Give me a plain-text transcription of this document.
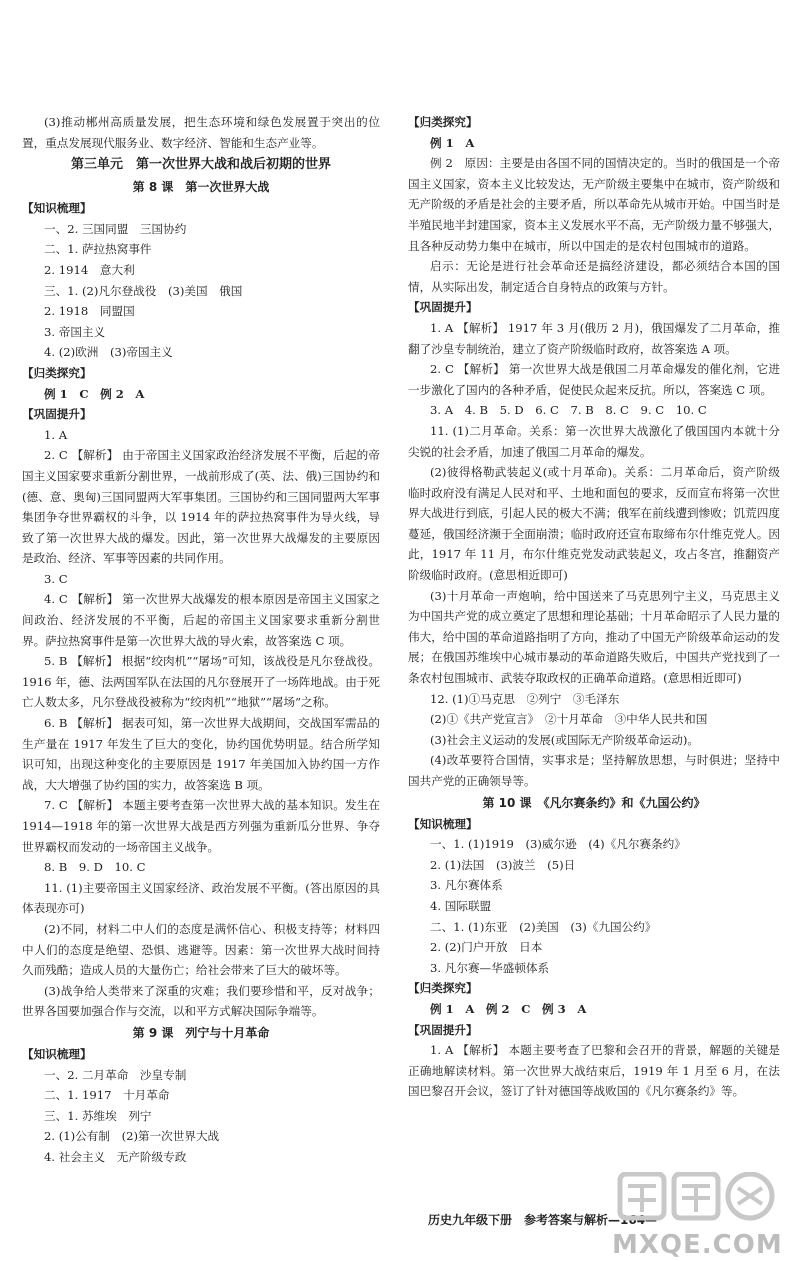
(3)推动郴州高质量发展，把生态环境和绿色发展置于突出的位置，重点发展现代服务业、数字经济、智能和生态产业等。
第三单元　第一次世界大战和战后初期的世界
第 8 课　第一次世界大战
【知识梳理】
一、2. 三国同盟　三国协约
二、1. 萨拉热窝事件
2. 1914　意大利
三、1. (2)凡尔登战役　(3)美国　俄国
2. 1918　同盟国
3. 帝国主义
4. (2)欧洲　(3)帝国主义
【归类探究】
例 1　C　例 2　A
【巩固提升】
1. A
2. C 【解析】 由于帝国主义国家政治经济发展不平衡，后起的帝国主义国家要求重新分割世界，一战前形成了(英、法、俄)三国协约和(德、意、奥匈)三国同盟两大军事集团。三国协约和三国同盟两大军事集团争夺世界霸权的斗争，以 1914 年的萨拉热窝事件为导火线，导致了第一次世界大战的爆发。因此，第一次世界大战爆发的主要原因是政治、经济、军事等因素的共同作用。
3. C
4. C 【解析】 第一次世界大战爆发的根本原因是帝国主义国家之间政治、经济发展的不平衡，后起的帝国主义国家要求重新分割世界。萨拉热窝事件是第一次世界大战的导火索，故答案选 C 项。
5. B 【解析】 根据“绞肉机”“屠场”可知，该战役是凡尔登战役。1916 年，德、法两国军队在法国的凡尔登展开了一场阵地战。由于死亡人数太多，凡尔登战役被称为“绞肉机”“地狱”“屠场”之称。
6. B 【解析】 据表可知，第一次世界大战期间，交战国军需品的生产量在 1917 年发生了巨大的变化，协约国优势明显。结合所学知识可知，出现这种变化的主要原因是 1917 年美国加入协约国一方作战，大大增强了协约国的实力，故答案选 B 项。
7. C 【解析】 本题主要考查第一次世界大战的基本知识。发生在 1914—1918 年的第一次世界大战是西方列强为重新瓜分世界、争夺世界霸权而发动的一场帝国主义战争。
8. B　9. D　10. C
11. (1)主要帝国主义国家经济、政治发展不平衡。(答出原因的具体表现亦可)
(2)不同，材料二中人们的态度是满怀信心、积极支持等；材料四中人们的态度是绝望、恐惧、逃避等。因素：第一次世界大战时间持久而残酷；造成人员的大量伤亡；给社会带来了巨大的破坏等。
(3)战争给人类带来了深重的灾难；我们要珍惜和平，反对战争；世界各国要加强合作与交流，以和平方式解决国际争端等。
第 9 课　列宁与十月革命
【知识梳理】
一、2. 二月革命　沙皇专制
二、1. 1917　十月革命
三、1. 苏维埃　列宁
2. (1)公有制　(2)第一次世界大战
4. 社会主义　无产阶级专政
【归类探究】
例 1　A
例 2　原因：主要是由各国不同的国情决定的。当时的俄国是一个帝国主义国家，资本主义比较发达，无产阶级主要集中在城市，资产阶级和无产阶级的矛盾是社会的主要矛盾，所以革命先从城市开始。中国当时是半殖民地半封建国家，资本主义发展水平不高，无产阶级力量不够强大，且各种反动势力集中在城市，所以中国走的是农村包围城市的道路。
启示：无论是进行社会革命还是搞经济建设，都必须结合本国的国情，从实际出发，制定适合自身特点的政策与方针。
【巩固提升】
1. A 【解析】 1917 年 3 月(俄历 2 月)，俄国爆发了二月革命，推翻了沙皇专制统治，建立了资产阶级临时政府，故答案选 A 项。
2. C 【解析】 第一次世界大战是俄国二月革命爆发的催化剂，它进一步激化了国内的各种矛盾，促使民众起来反抗。所以，答案选 C 项。
3. A　4. B　5. D　6. C　7. B　8. C　9. C　10. C
11. (1)二月革命。关系：第一次世界大战激化了俄国国内本就十分尖锐的社会矛盾，加速了俄国二月革命的爆发。
(2)彼得格勒武装起义(或十月革命)。关系：二月革命后，资产阶级临时政府没有满足人民对和平、土地和面包的要求，反而宣布将第一次世界大战进行到底，引起人民的极大不满；俄军在前线遭到惨败；饥荒四度蔓延，俄国经济濒于全面崩溃；临时政府还宣布取缔布尔什维克党人。因此，1917 年 11 月，布尔什维克党发动武装起义，攻占冬宫，推翻资产阶级临时政府。(意思相近即可)
(3)十月革命一声炮响，给中国送来了马克思列宁主义，马克思主义为中国共产党的成立奠定了思想和理论基础；十月革命昭示了人民力量的伟大，给中国的革命道路指明了方向，推动了中国无产阶级革命运动的发展；在俄国苏维埃中心城市暴动的革命道路失败后，中国共产党找到了一条农村包围城市、武装夺取政权的正确革命道路。(意思相近即可)
12. (1)①马克思　②列宁　③毛泽东
(2)①《共产党宣言》　②十月革命　③中华人民共和国
(3)社会主义运动的发展(或国际无产阶级革命运动)。
(4)改革要符合国情，实事求是；坚持解放思想，与时俱进；坚持中国共产党的正确领导等。
第 10 课　《凡尔赛条约》和《九国公约》
【知识梳理】
一、1. (1)1919　(3)威尔逊　(4)《凡尔赛条约》
2. (1)法国　(3)波兰　(5)日
3. 凡尔赛体系
4. 国际联盟
二、1. (1)东亚　(2)美国　(3)《九国公约》
2. (2)门户开放　日本
3. 凡尔赛—华盛顿体系
【归类探究】
例 1　A　例 2　C　例 3　A
【巩固提升】
1. A 【解析】 本题主要考查了巴黎和会召开的背景，解题的关键是正确地解读材料。第一次世界大战结束后，1919 年 1 月至 6 月，在法国巴黎召开会议，签订了针对德国等战败国的《凡尔赛条约》等。
历史九年级下册　参考答案与解析—164—
MXQE.COM
